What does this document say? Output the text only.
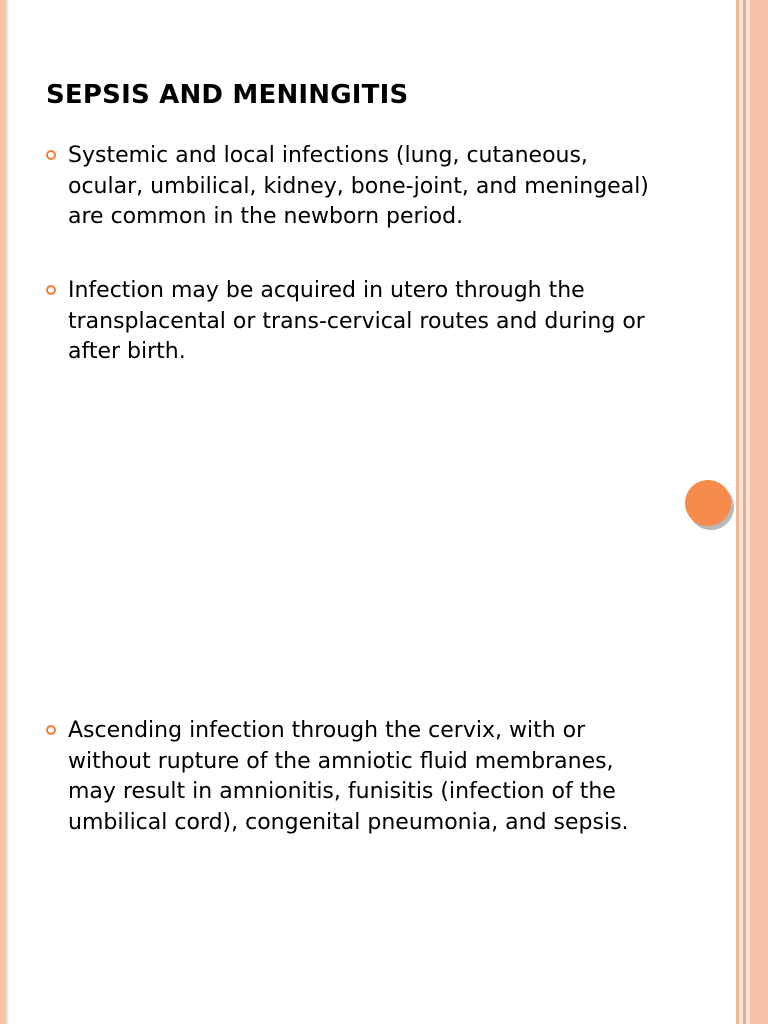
SEPSIS AND MENINGITIS
Systemic and local infections (lung, cutaneous, ocular, umbilical, kidney, bone-joint, and meningeal) are common in the newborn period.
Infection may be acquired in utero through the transplacental or trans-cervical routes and during or after birth.
Ascending infection through the cervix, with or without rupture of the amniotic fluid membranes, may result in amnionitis, funisitis (infection of the umbilical cord), congenital pneumonia, and sepsis.
